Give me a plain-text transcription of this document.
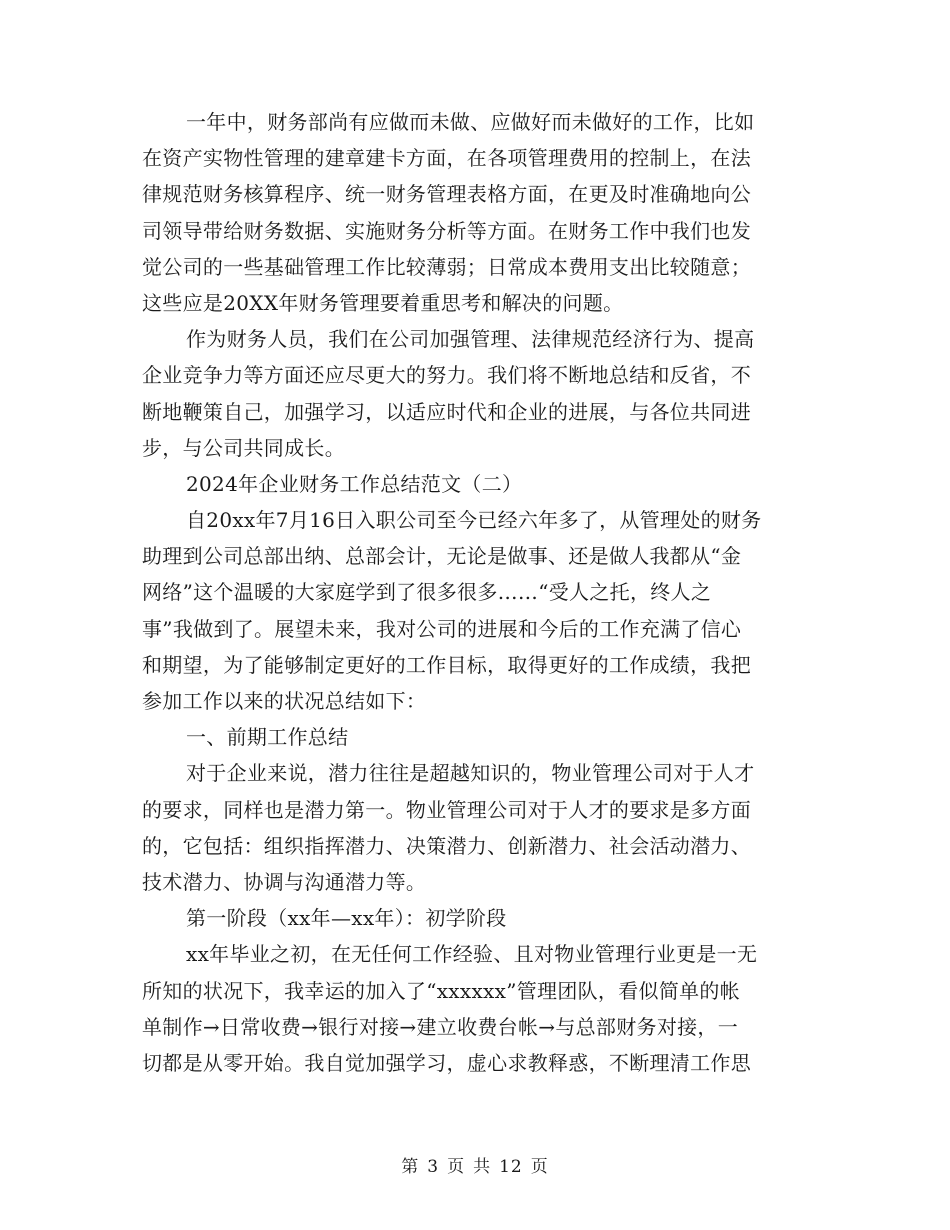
一年中，财务部尚有应做而未做、应做好而未做好的工作，比如
在资产实物性管理的建章建卡方面，在各项管理费用的控制上，在法
律规范财务核算程序、统一财务管理表格方面，在更及时准确地向公
司领导带给财务数据、实施财务分析等方面。在财务工作中我们也发
觉公司的一些基础管理工作比较薄弱；日常成本费用支出比较随意；
这些应是20XX年财务管理要着重思考和解决的问题。
作为财务人员，我们在公司加强管理、法律规范经济行为、提高
企业竞争力等方面还应尽更大的努力。我们将不断地总结和反省，不
断地鞭策自己，加强学习，以适应时代和企业的进展，与各位共同进
步，与公司共同成长。
2024年企业财务工作总结范文（二）
自20xx年7月16日入职公司至今已经六年多了，从管理处的财务
助理到公司总部出纳、总部会计，无论是做事、还是做人我都从“金
网络”这个温暖的大家庭学到了很多很多……“受人之托，终人之
事”我做到了。展望未来，我对公司的进展和今后的工作充满了信心
和期望，为了能够制定更好的工作目标，取得更好的工作成绩，我把
参加工作以来的状况总结如下：
一、前期工作总结
对于企业来说，潜力往往是超越知识的，物业管理公司对于人才
的要求，同样也是潜力第一。物业管理公司对于人才的要求是多方面
的，它包括：组织指挥潜力、决策潜力、创新潜力、社会活动潜力、
技术潜力、协调与沟通潜力等。
第一阶段（xx年—xx年）：初学阶段
xx年毕业之初，在无任何工作经验、且对物业管理行业更是一无
所知的状况下，我幸运的加入了“xxxxxx”管理团队，看似简单的帐
单制作→日常收费→银行对接→建立收费台帐→与总部财务对接，一
切都是从零开始。我自觉加强学习，虚心求教释惑，不断理清工作思
第 3 页 共 12 页
